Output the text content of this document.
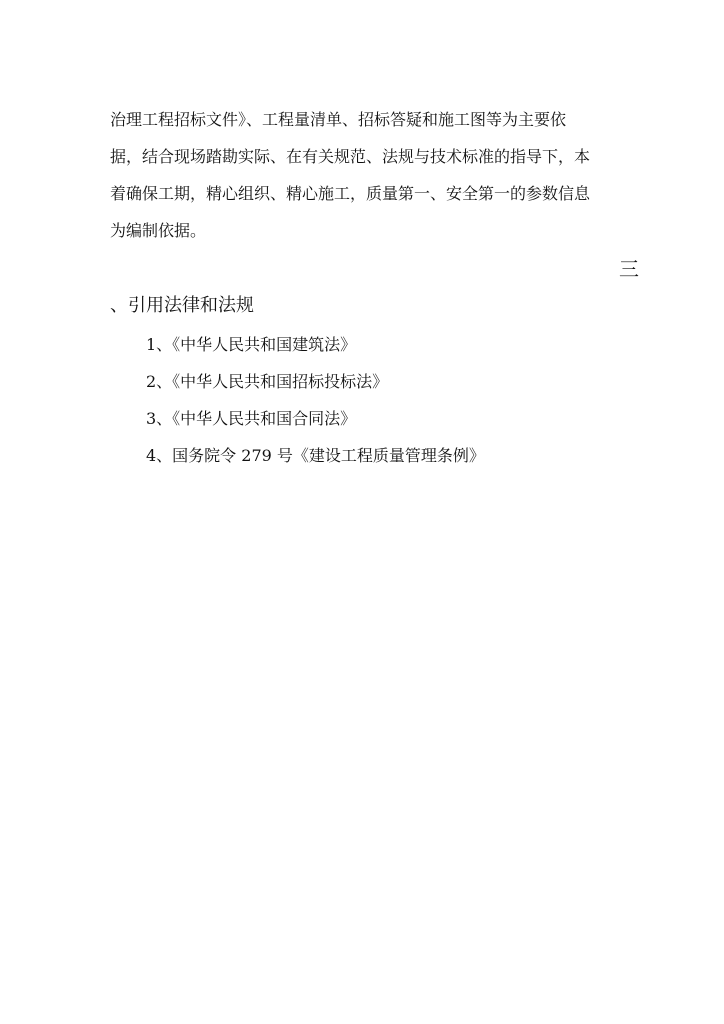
治理工程招标文件》、工程量清单、招标答疑和施工图等为主要依
据，结合现场踏勘实际、在有关规范、法规与技术标准的指导下，本
着确保工期，精心组织、精心施工，质量第一、安全第一的参数信息
为编制依据。
三
、引用法律和法规
1、《中华人民共和国建筑法》
2、《中华人民共和国招标投标法》
3、《中华人民共和国合同法》
4、国务院令 279 号《建设工程质量管理条例》
